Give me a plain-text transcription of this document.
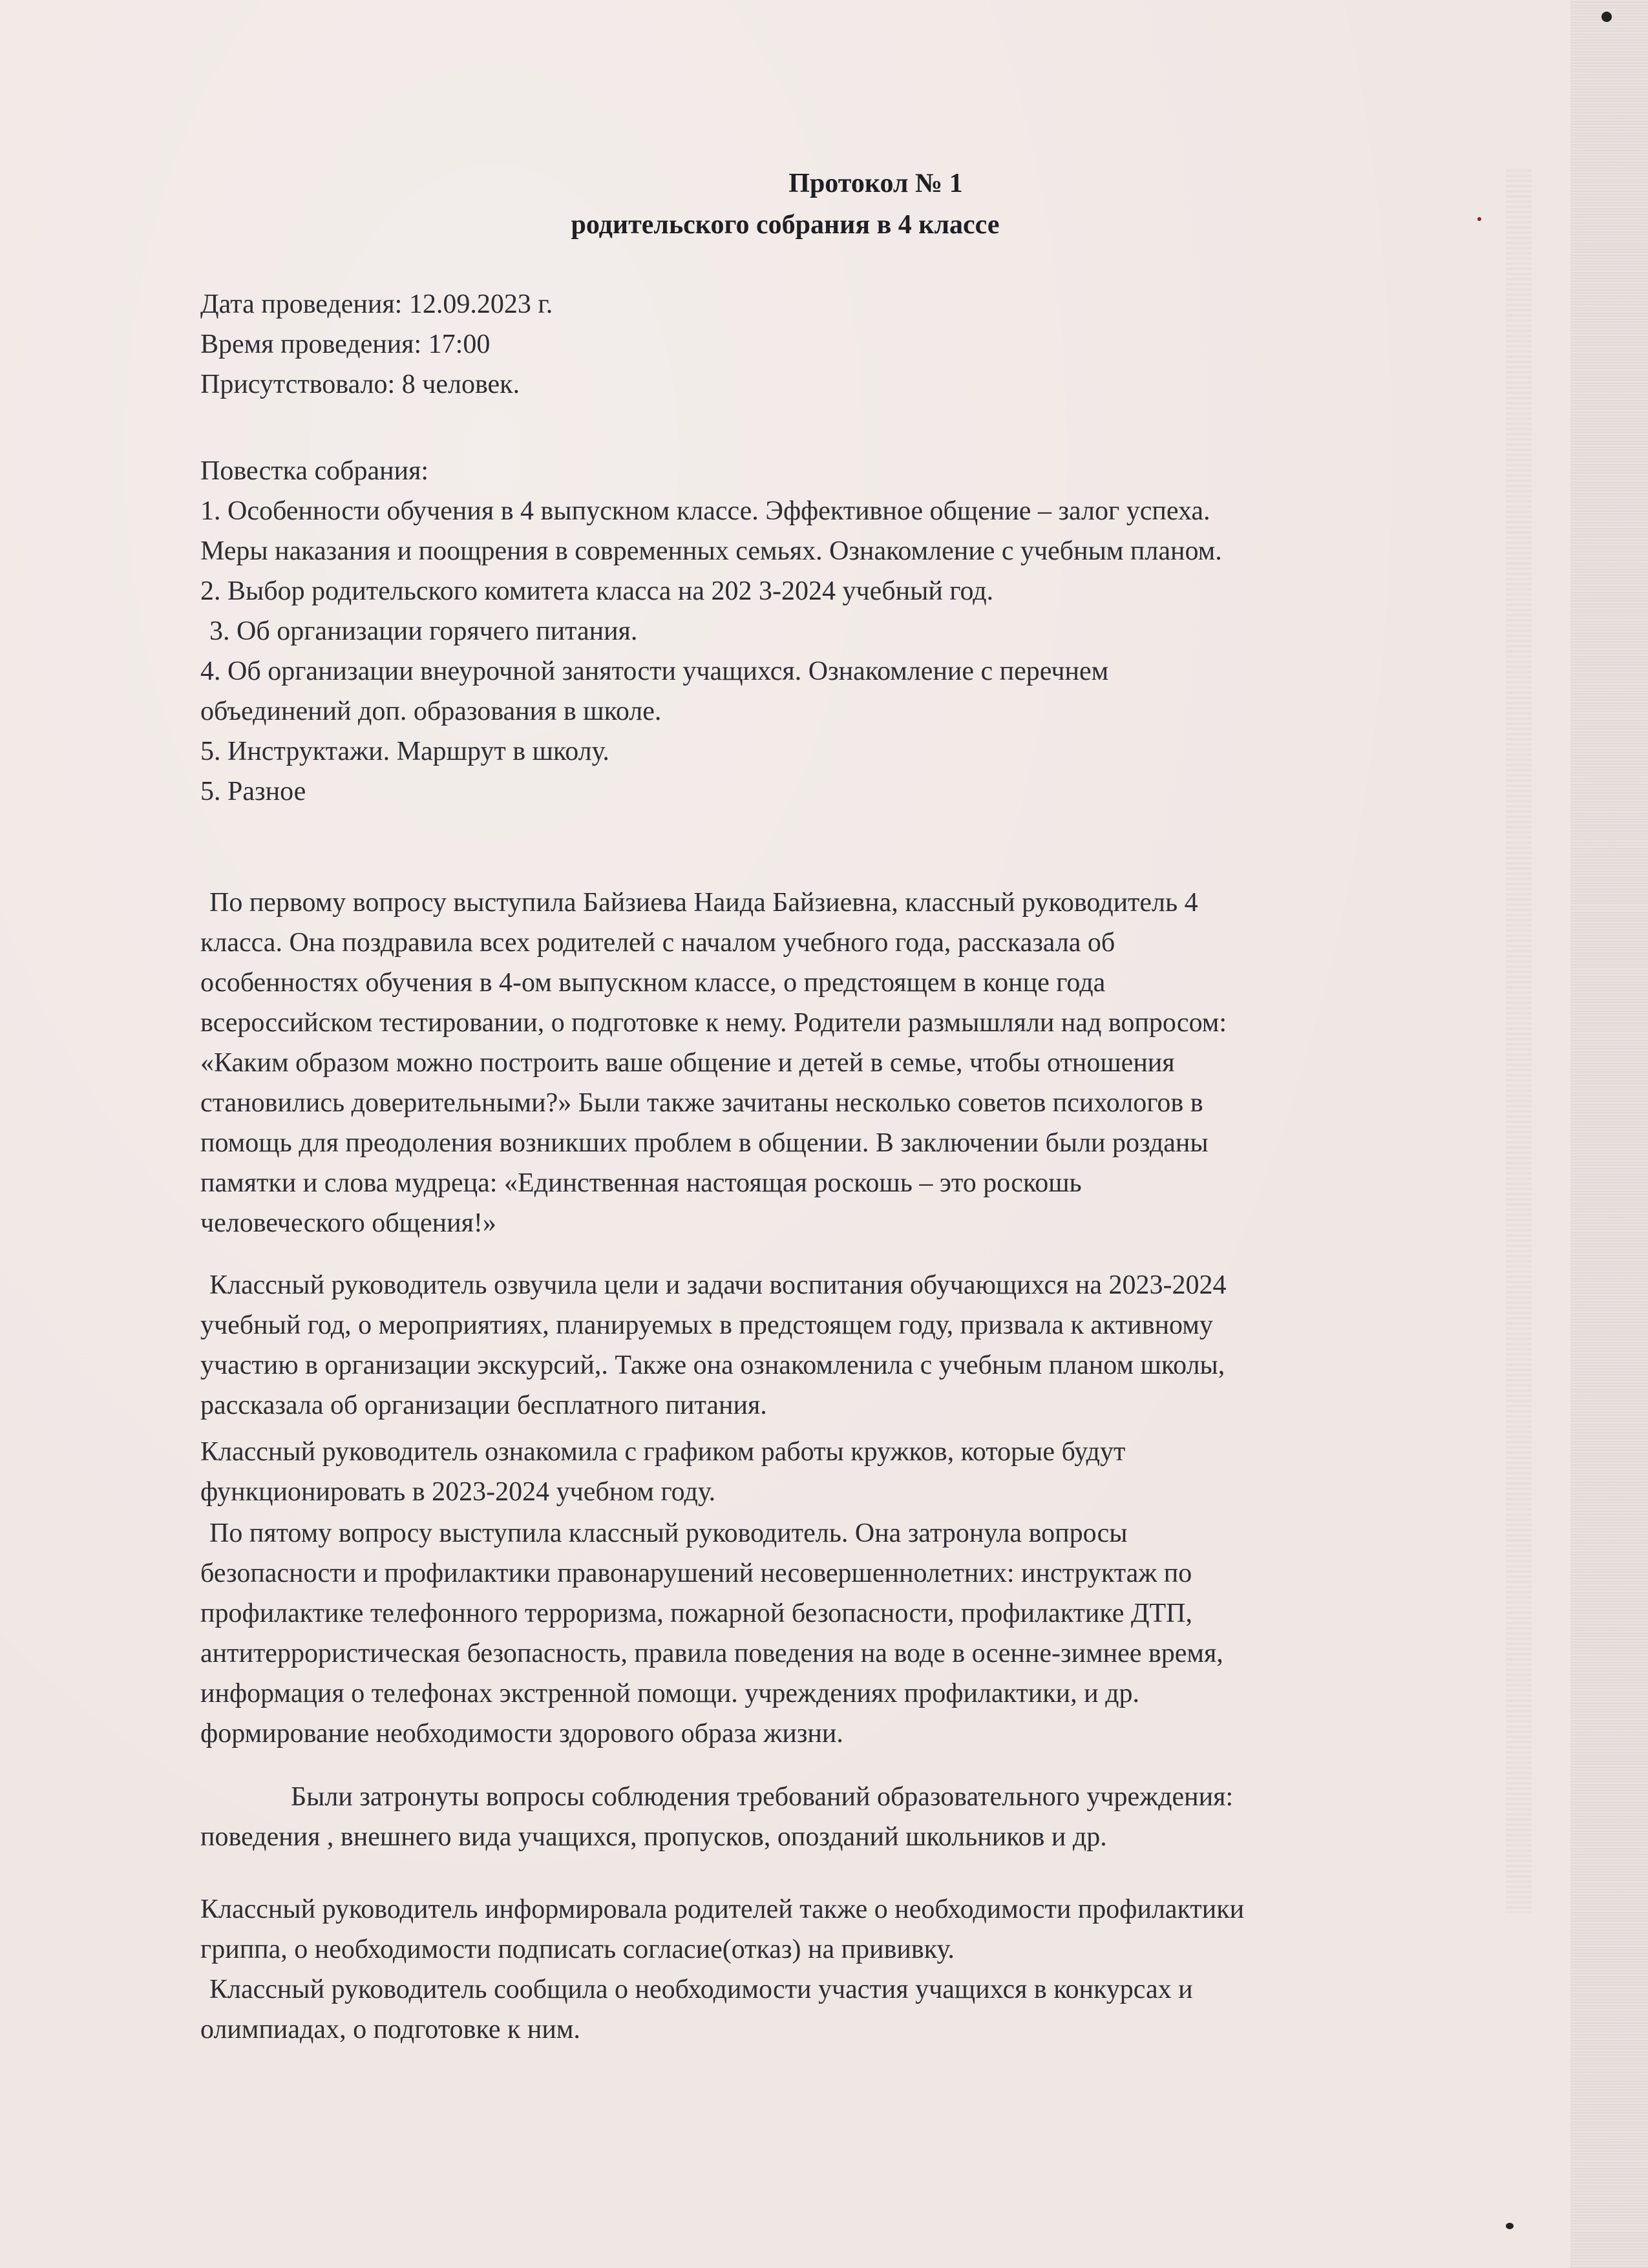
Протокол № 1
родительского собрания в 4 классе
Дата проведения: 12.09.2023 г.
Время проведения: 17:00
Присутствовало: 8 человек.
Повестка собрания:
1. Особенности обучения в 4 выпускном классе. Эффективное общение – залог успеха.
Меры наказания и поощрения в современных семьях. Ознакомление с учебным планом.
2. Выбор родительского комитета класса на 202 3-2024 учебный год.
3. Об организации горячего питания.
4. Об организации внеурочной занятости учащихся. Ознакомление с перечнем
объединений доп. образования в школе.
5. Инструктажи. Маршрут в школу.
5. Разное
По первому вопросу выступила Байзиева Наида Байзиевна, классный руководитель 4
класса. Она поздравила всех родителей с началом учебного года, рассказала об
особенностях обучения в 4-ом выпускном классе, о предстоящем в конце года
всероссийском тестировании, о подготовке к нему. Родители размышляли над вопросом:
«Каким образом можно построить ваше общение и детей в семье, чтобы отношения
становились доверительными?» Были также зачитаны несколько советов психологов в
помощь для преодоления возникших проблем в общении. В заключении были розданы
памятки и слова мудреца: «Единственная настоящая роскошь – это роскошь
человеческого общения!»
Классный руководитель озвучила цели и задачи воспитания обучающихся на 2023-2024
учебный год, о мероприятиях, планируемых в предстоящем году, призвала к активному
участию в организации экскурсий,. Также она ознакомленила с учебным планом школы,
рассказала об организации бесплатного питания.
Классный руководитель ознакомила с графиком работы кружков, которые будут
функционировать в 2023-2024 учебном году.
По пятому вопросу выступила классный руководитель. Она затронула вопросы
безопасности и профилактики правонарушений несовершеннолетних: инструктаж по
профилактике телефонного терроризма, пожарной безопасности, профилактике ДТП,
антитеррористическая безопасность, правила поведения на воде в осенне-зимнее время,
информация о телефонах экстренной помощи. учреждениях профилактики, и др.
формирование необходимости здорового образа жизни.
Были затронуты вопросы соблюдения требований образовательного учреждения:
поведения , внешнего вида учащихся, пропусков, опозданий школьников и др.
Классный руководитель информировала родителей также о необходимости профилактики
гриппа, о необходимости подписать согласие(отказ) на прививку.
Классный руководитель сообщила о необходимости участия учащихся в конкурсах и
олимпиадах, о подготовке к ним.
